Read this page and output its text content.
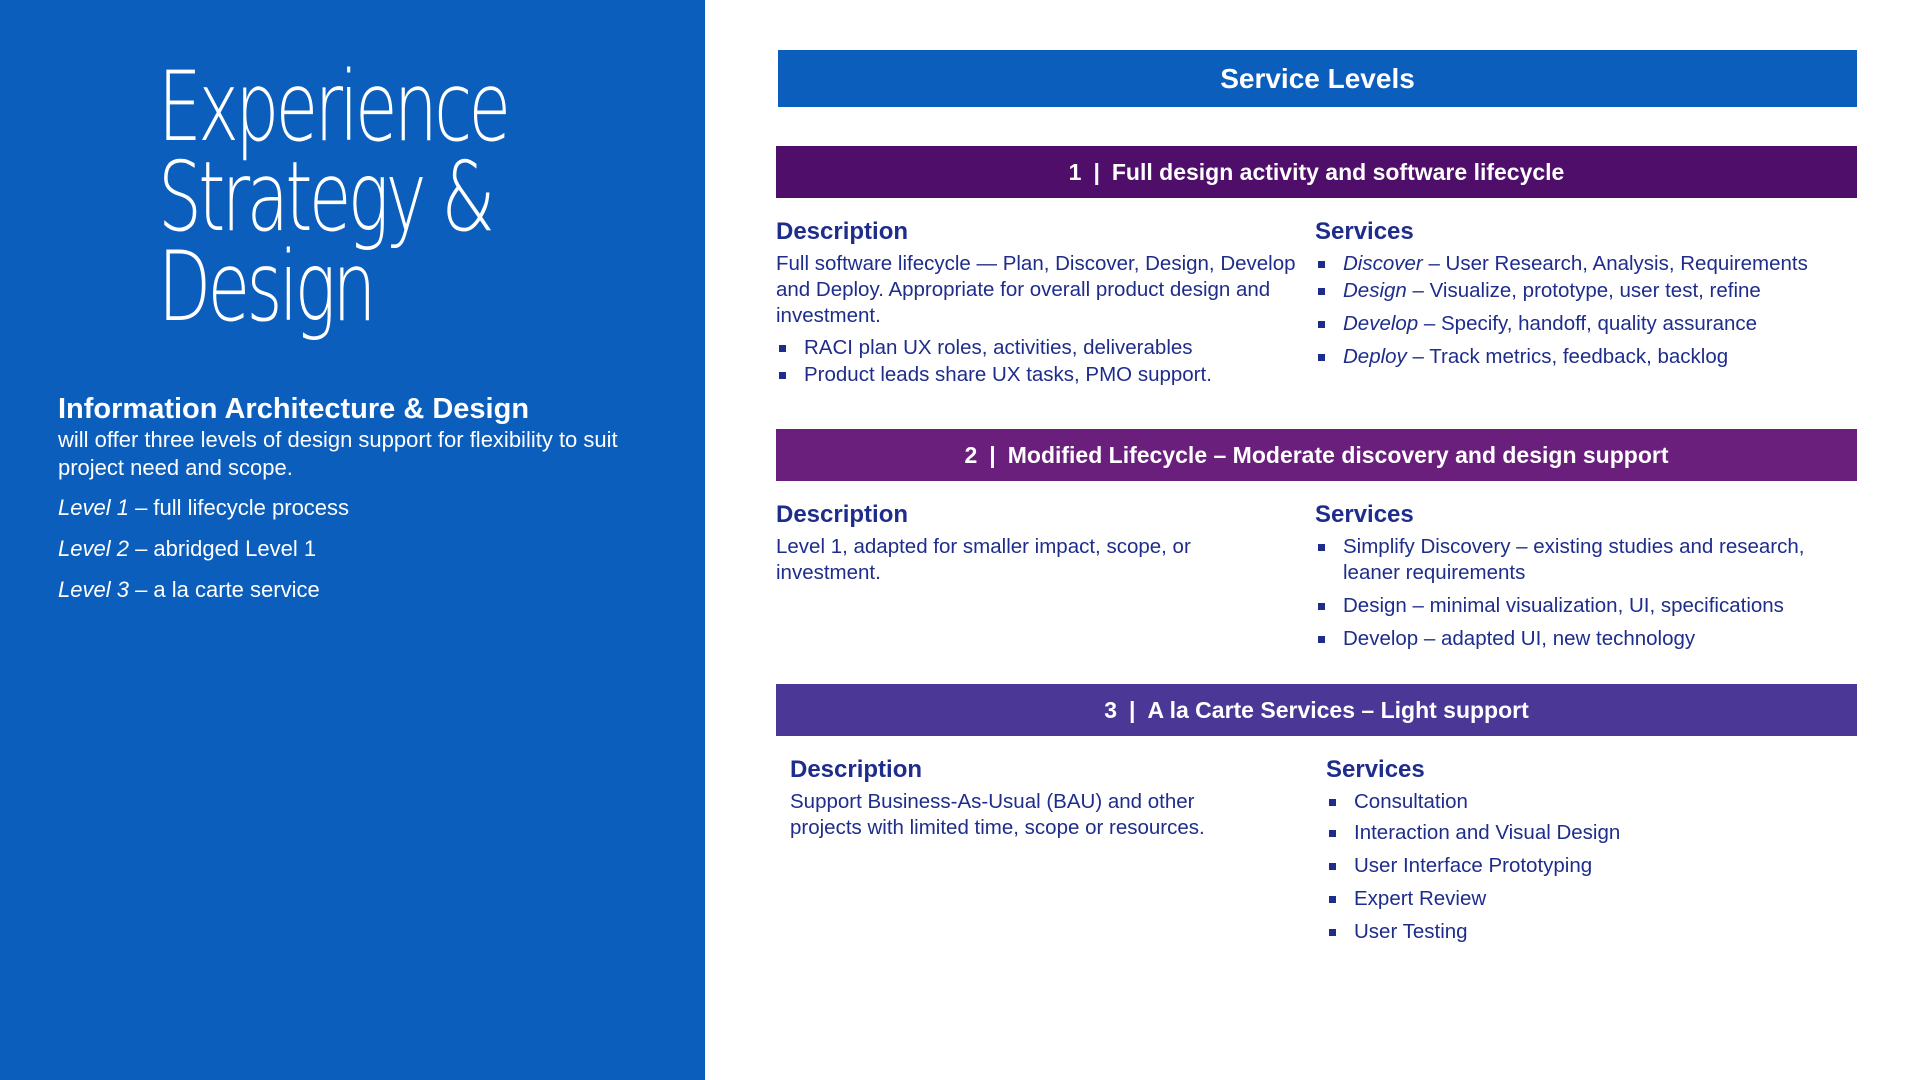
Experience
Strategy &
Design
Information Architecture & Design
will offer three levels of design support for flexibility to suit project need and scope.
Level 1 – full lifecycle process
Level 2 – abridged Level 1
Level 3 – a la carte service
Service Levels
1 | Full design activity and software lifecycle
Description

Full software lifecycle — Plan, Discover, Design, Develop and Deploy. Appropriate for overall product design and investment.

RACI plan UX roles, activities, deliverables
Product leads share UX tasks, PMO support.
Services
Discover – User Research, Analysis, Requirements
Design – Visualize, prototype, user test, refine
Develop – Specify, handoff, quality assurance
Deploy – Track metrics, feedback, backlog
2 | Modified Lifecycle – Moderate discovery and design support
Description

Level 1, adapted for smaller impact, scope, or investment.

Services
Simplify Discovery – existing studies and research, leaner requirements
Design – minimal visualization, UI, specifications
Develop – adapted UI, new technology
3 | A la Carte Services – Light support
Description

Support Business-As-Usual (BAU) and other projects with limited time, scope or resources.

Services
Consultation
Interaction and Visual Design
User Interface Prototyping
Expert Review
User Testing
